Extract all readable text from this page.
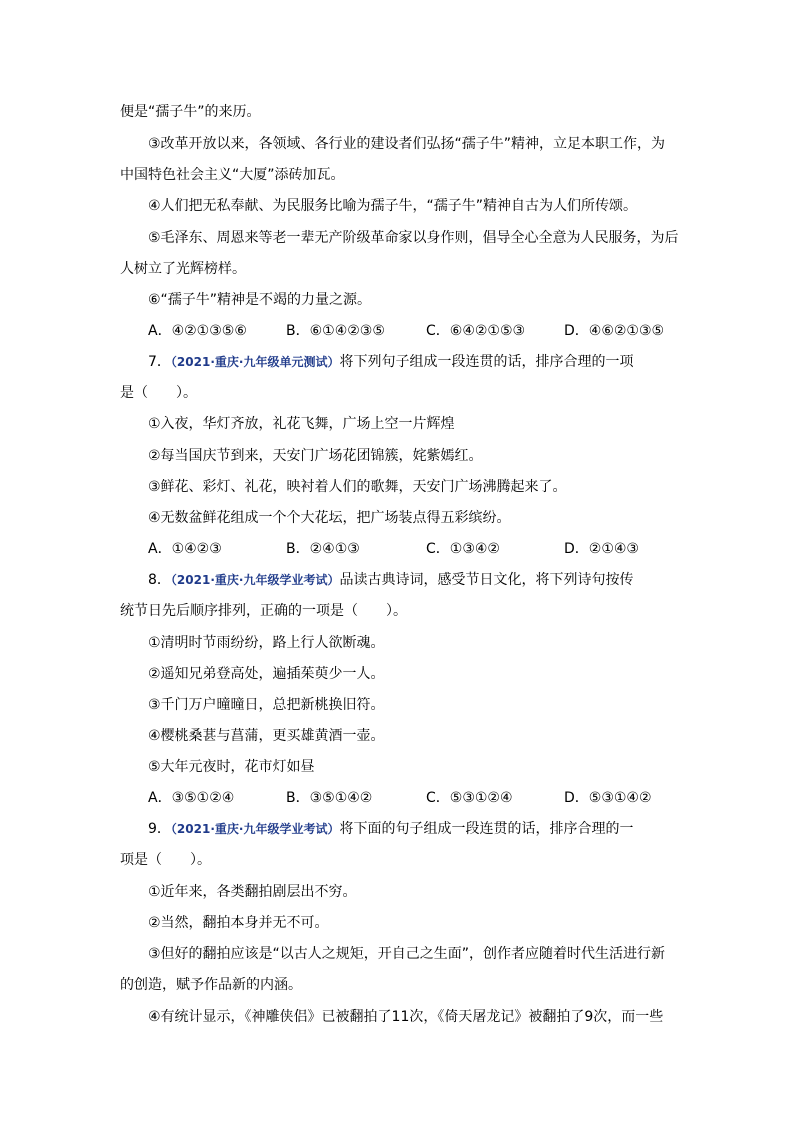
便是“孺子牛”的来历。
③改革开放以来，各领域、各行业的建设者们弘扬“孺子牛”精神，立足本职工作，为
中国特色社会主义“大厦”添砖加瓦。
④人们把无私奉献、为民服务比喻为孺子牛，“孺子牛”精神自古为人们所传颂。
⑤毛泽东、周恩来等老一辈无产阶级革命家以身作则，倡导全心全意为人民服务，为后
人树立了光辉榜样。
⑥“孺子牛”精神是不竭的力量之源。
A．④②①③⑤⑥	B．⑥①④②③⑤	C．⑥④②①⑤③	D．④⑥②①③⑤
7．（2021·重庆·九年级单元测试）将下列句子组成一段连贯的话，排序合理的一项
是（　　）。
①入夜，华灯齐放，礼花飞舞，广场上空一片辉煌
②每当国庆节到来，天安门广场花团锦簇，姹紫嫣红。
③鲜花、彩灯、礼花，映衬着人们的歌舞，天安门广场沸腾起来了。
④无数盆鲜花组成一个个大花坛，把广场装点得五彩缤纷。
A．①④②③	B．②④①③	C．①③④②	D．②①④③
8．（2021·重庆·九年级学业考试）品读古典诗词，感受节日文化，将下列诗句按传
统节日先后顺序排列，正确的一项是（　　）。
①清明时节雨纷纷，路上行人欲断魂。
②遥知兄弟登高处，遍插茱萸少一人。
③千门万户曈曈日，总把新桃换旧符。
④樱桃桑葚与菖蒲，更买雄黄酒一壶。
⑤大年元夜时，花市灯如昼
A．③⑤①②④	B．③⑤①④②	C．⑤③①②④	D．⑤③①④②
9．（2021·重庆·九年级学业考试）将下面的句子组成一段连贯的话，排序合理的一
项是（　　）。
①近年来，各类翻拍剧层出不穷。
②当然，翻拍本身并无不可。
③但好的翻拍应该是“以古人之规矩，开自己之生面”，创作者应随着时代生活进行新
的创造，赋予作品新的内涵。
④有统计显示，《神雕侠侣》已被翻拍了11次，《倚天屠龙记》被翻拍了9次，而一些
